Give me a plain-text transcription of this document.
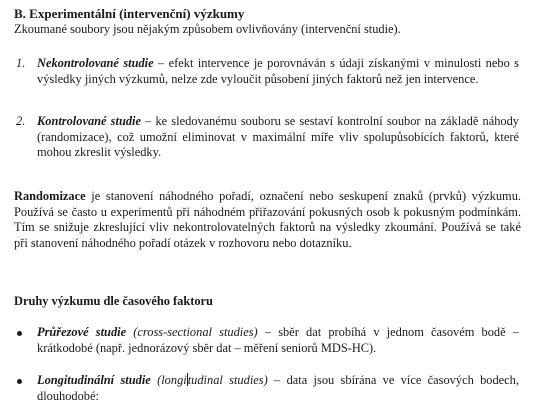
B. Experimentální (intervenční) výzkumy
Zkoumané soubory jsou nějakým způsobem ovlivňovány (intervenční studie).
1. Nekontrolované studie – efekt intervence je porovnáván s údaji získanými v minulosti nebo s výsledky jiných výzkumů, nelze zde vyloučit působení jiných faktorů než jen intervence.
2. Kontrolované studie – ke sledovanému souboru se sestaví kontrolní soubor na základě náhody (randomizace), což umožní eliminovat v maximální míře vliv spolupůsobících faktorů, které mohou zkreslit výsledky.
Randomizace je stanovení náhodného pořadí, označení nebo seskupení znaků (prvků) výzkumu. Používá se často u experimentů při náhodném přiřazování pokusných osob k pokusným podmínkám. Tím se snižuje zkreslující vliv nekontrolovatelných faktorů na výsledky zkoumání. Používá se také při stanovení náhodného pořadí otázek v rozhovoru nebo dotazníku.
Druhy výzkumu dle časového faktoru
Průřezové studie (cross-sectional studies) – sběr dat probíhá v jednom časovém bodě – krátkodobé (např. jednorázový sběr dat – měření seniorů MDS-HC).
Longitudinální studie (longitudinal studies) – data jsou sbírána ve více časových bodech, dlouhodobé:
